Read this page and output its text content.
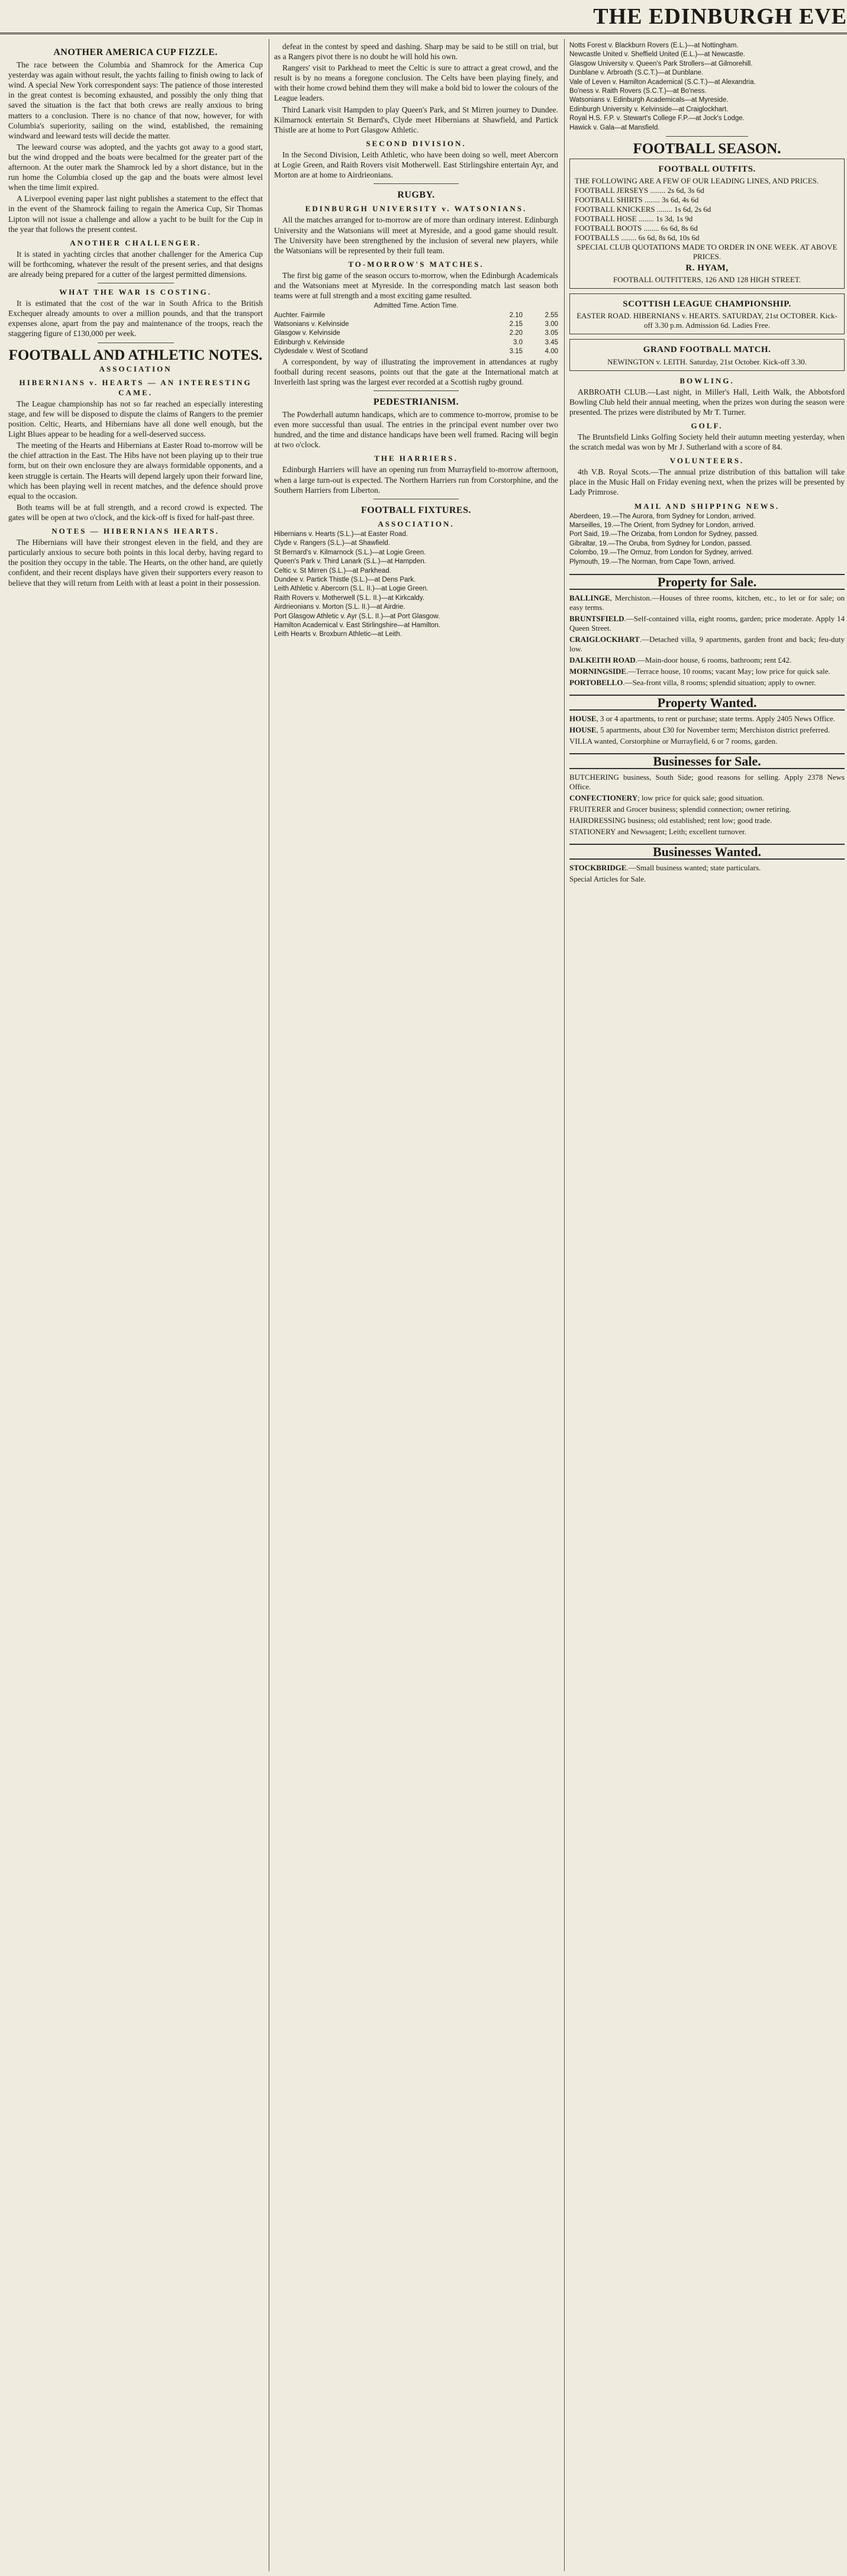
THE EDINBURGH EVE
ANOTHER AMERICA CUP FIZZLE.

The race between the Columbia and Shamrock for the America Cup yesterday was again without result, the yachts failing to finish owing to lack of wind. A special New York correspondent says: The patience of those interested in the great contest is becoming exhausted, and possibly the only thing that saved the situation is the fact that both crews are really anxious to bring matters to a conclusion. There is no chance of that now, however, for with Columbia's superiority, sailing on the wind, established, the remaining windward and leeward tests will decide the matter.

The leeward course was adopted, and the yachts got away to a good start, but the wind dropped and the boats were becalmed for the greater part of the afternoon. At the outer mark the Shamrock led by a short distance, but in the run home the Columbia closed up the gap and the boats were almost level when the time limit expired.

A Liverpool evening paper last night publishes a statement to the effect that in the event of the Shamrock failing to regain the America Cup, Sir Thomas Lipton will not issue a challenge and allow a yacht to be built for the Cup in the year that follows the present contest.

ANOTHER CHALLENGER.

It is stated in yachting circles that another challenger for the America Cup will be forthcoming, whatever the result of the present series, and that designs are already being prepared for a cutter of the largest permitted dimensions.

WHAT THE WAR IS COSTING.

It is estimated that the cost of the war in South Africa to the British Exchequer already amounts to over a million pounds, and that the transport expenses alone, apart from the pay and maintenance of the troops, reach the staggering figure of £130,000 per week.

FOOTBALL AND ATHLETIC NOTES.
ASSOCIATION
HIBERNIANS v. HEARTS — AN INTERESTING CAME.

The League championship has not so far reached an especially interesting stage, and few will be disposed to dispute the claims of Rangers to the premier position. Celtic, Hearts, and Hibernians have all done well enough, but the Light Blues appear to be heading for a well-deserved success.

The meeting of the Hearts and Hibernians at Easter Road to-morrow will be the chief attraction in the East. The Hibs have not been playing up to their true form, but on their own enclosure they are always formidable opponents, and a keen struggle is certain. The Hearts will depend largely upon their forward line, which has been playing well in recent matches, and the defence should prove equal to the occasion.

Both teams will be at full strength, and a record crowd is expected. The gates will be open at two o'clock, and the kick-off is fixed for half-past three.

NOTES — HIBERNIANS HEARTS.

The Hibernians will have their strongest eleven in the field, and they are particularly anxious to secure both points in this local derby, having regard to the position they occupy in the table. The Hearts, on the other hand, are quietly confident, and their recent displays have given their supporters every reason to believe that they will return from Leith with at least a point in their possession.

defeat in the contest by speed and dashing. Sharp may be said to be still on trial, but as a Rangers pivot there is no doubt he will hold his own.

Rangers' visit to Parkhead to meet the Celtic is sure to attract a great crowd, and the result is by no means a foregone conclusion. The Celts have been playing finely, and with their home crowd behind them they will make a bold bid to lower the colours of the League leaders.

Third Lanark visit Hampden to play Queen's Park, and St Mirren journey to Dundee. Kilmarnock entertain St Bernard's, Clyde meet Hibernians at Shawfield, and Partick Thistle are at home to Port Glasgow Athletic.

SECOND DIVISION.

In the Second Division, Leith Athletic, who have been doing so well, meet Abercorn at Logie Green, and Raith Rovers visit Motherwell. East Stirlingshire entertain Ayr, and Morton are at home to Airdrieonians.

RUGBY.
EDINBURGH UNIVERSITY v. WATSONIANS.

All the matches arranged for to-morrow are of more than ordinary interest. Edinburgh University and the Watsonians will meet at Myreside, and a good game should result. The University have been strengthened by the inclusion of several new players, while the Watsonians will be represented by their full team.

TO-MORROW'S MATCHES.

The first big game of the season occurs to-morrow, when the Edinburgh Academicals and the Watsonians meet at Myreside. In the corresponding match last season both teams were at full strength and a most exciting game resulted.

Admitted Time. Action Time.
Auchter. Fairmile	2.10	2.55
Watsonians v. Kelvinside	2.15	3.00
Glasgow v. Kelvinside	2.20	3.05
Edinburgh v. Kelvinside	3.0	3.45
Clydesdale v. West of Scotland	3.15	4.00

A correspondent, by way of illustrating the improvement in attendances at rugby football during recent seasons, points out that the gate at the International match at Inverleith last spring was the largest ever recorded at a Scottish rugby ground.

PEDESTRIANISM.

The Powderhall autumn handicaps, which are to commence to-morrow, promise to be even more successful than usual. The entries in the principal event number over two hundred, and the time and distance handicaps have been well framed. Racing will begin at two o'clock.

THE HARRIERS.

Edinburgh Harriers will have an opening run from Murrayfield to-morrow afternoon, when a large turn-out is expected. The Northern Harriers run from Corstorphine, and the Southern Harriers from Liberton.

FOOTBALL FIXTURES.
ASSOCIATION.
Hibernians v. Hearts (S.L.)—at Easter Road.
Clyde v. Rangers (S.L.)—at Shawfield.
St Bernard's v. Kilmarnock (S.L.)—at Logie Green.
Queen's Park v. Third Lanark (S.L.)—at Hampden.
Celtic v. St Mirren (S.L.)—at Parkhead.
Dundee v. Partick Thistle (S.L.)—at Dens Park.
Leith Athletic v. Abercorn (S.L. II.)—at Logie Green.
Raith Rovers v. Motherwell (S.L. II.)—at Kirkcaldy.
Airdrieonians v. Morton (S.L. II.)—at Airdrie.
Port Glasgow Athletic v. Ayr (S.L. II.)—at Port Glasgow.
Hamilton Academical v. East Stirlingshire—at Hamilton.
Leith Hearts v. Broxburn Athletic—at Leith.
Notts Forest v. Blackburn Rovers (E.L.)—at Nottingham.
Newcastle United v. Sheffield United (E.L.)—at Newcastle.
Glasgow University v. Queen's Park Strollers—at Gilmorehill.
Dunblane v. Arbroath (S.C.T.)—at Dunblane.
Vale of Leven v. Hamilton Academical (S.C.T.)—at Alexandria.
Bo'ness v. Raith Rovers (S.C.T.)—at Bo'ness.
Watsonians v. Edinburgh Academicals—at Myreside.
Edinburgh University v. Kelvinside—at Craiglockhart.
Royal H.S. F.P. v. Stewart's College F.P.—at Jock's Lodge.
Hawick v. Gala—at Mansfield.
FOOTBALL SEASON.
FOOTBALL OUTFITS.
THE FOLLOWING ARE A FEW OF OUR LEADING LINES, AND PRICES.
FOOTBALL JERSEYS ........ 2s 6d, 3s 6d
FOOTBALL SHIRTS ........ 3s 6d, 4s 6d
FOOTBALL KNICKERS ........ 1s 6d, 2s 6d
FOOTBALL HOSE ........ 1s 3d, 1s 9d
FOOTBALL BOOTS ........ 6s 6d, 8s 6d
FOOTBALLS ........ 6s 6d, 8s 6d, 10s 6d
SPECIAL CLUB QUOTATIONS MADE TO ORDER IN ONE WEEK. AT ABOVE PRICES.
R. HYAM,
FOOTBALL OUTFITTERS, 126 AND 128 HIGH STREET.
SCOTTISH LEAGUE CHAMPIONSHIP.
EASTER ROAD. HIBERNIANS v. HEARTS. SATURDAY, 21st OCTOBER. Kick-off 3.30 p.m. Admission 6d. Ladies Free.
GRAND FOOTBALL MATCH.
NEWINGTON v. LEITH. Saturday, 21st October. Kick-off 3.30.
BOWLING.

ARBROATH CLUB.—Last night, in Miller's Hall, Leith Walk, the Abbotsford Bowling Club held their annual meeting, when the prizes won during the season were presented. The prizes were distributed by Mr T. Turner.

GOLF.

The Bruntsfield Links Golfing Society held their autumn meeting yesterday, when the scratch medal was won by Mr J. Sutherland with a score of 84.

VOLUNTEERS.

4th V.B. Royal Scots.—The annual prize distribution of this battalion will take place in the Music Hall on Friday evening next, when the prizes will be presented by Lady Primrose.

MAIL AND SHIPPING NEWS.
Aberdeen, 19.—The Aurora, from Sydney for London, arrived.
Marseilles, 19.—The Orient, from Sydney for London, arrived.
Port Said, 19.—The Orizaba, from London for Sydney, passed.
Gibraltar, 19.—The Oruba, from Sydney for London, passed.
Colombo, 19.—The Ormuz, from London for Sydney, arrived.
Plymouth, 19.—The Norman, from Cape Town, arrived.
Property for Sale.
BALLINGE, Merchiston.—Houses of three rooms, kitchen, etc., to let or for sale; on easy terms.
BRUNTSFIELD.—Self-contained villa, eight rooms, garden; price moderate. Apply 14 Queen Street.
CRAIGLOCKHART.—Detached villa, 9 apartments, garden front and back; feu-duty low.
DALKEITH ROAD.—Main-door house, 6 rooms, bathroom; rent £42.
MORNINGSIDE.—Terrace house, 10 rooms; vacant May; low price for quick sale.
PORTOBELLO.—Sea-front villa, 8 rooms; splendid situation; apply to owner.
Property Wanted.
HOUSE, 3 or 4 apartments, to rent or purchase; state terms. Apply 2405 News Office.
HOUSE, 5 apartments, about £30 for November term; Merchiston district preferred.
VILLA wanted, Corstorphine or Murrayfield, 6 or 7 rooms, garden.
Businesses for Sale.
BUTCHERING business, South Side; good reasons for selling. Apply 2378 News Office.
CONFECTIONERY; low price for quick sale; good situation.
FRUITERER and Grocer business; splendid connection; owner retiring.
HAIRDRESSING business; old established; rent low; good trade.
STATIONERY and Newsagent; Leith; excellent turnover.
Businesses Wanted.
STOCKBRIDGE.—Small business wanted; state particulars.
Special Articles for Sale.
